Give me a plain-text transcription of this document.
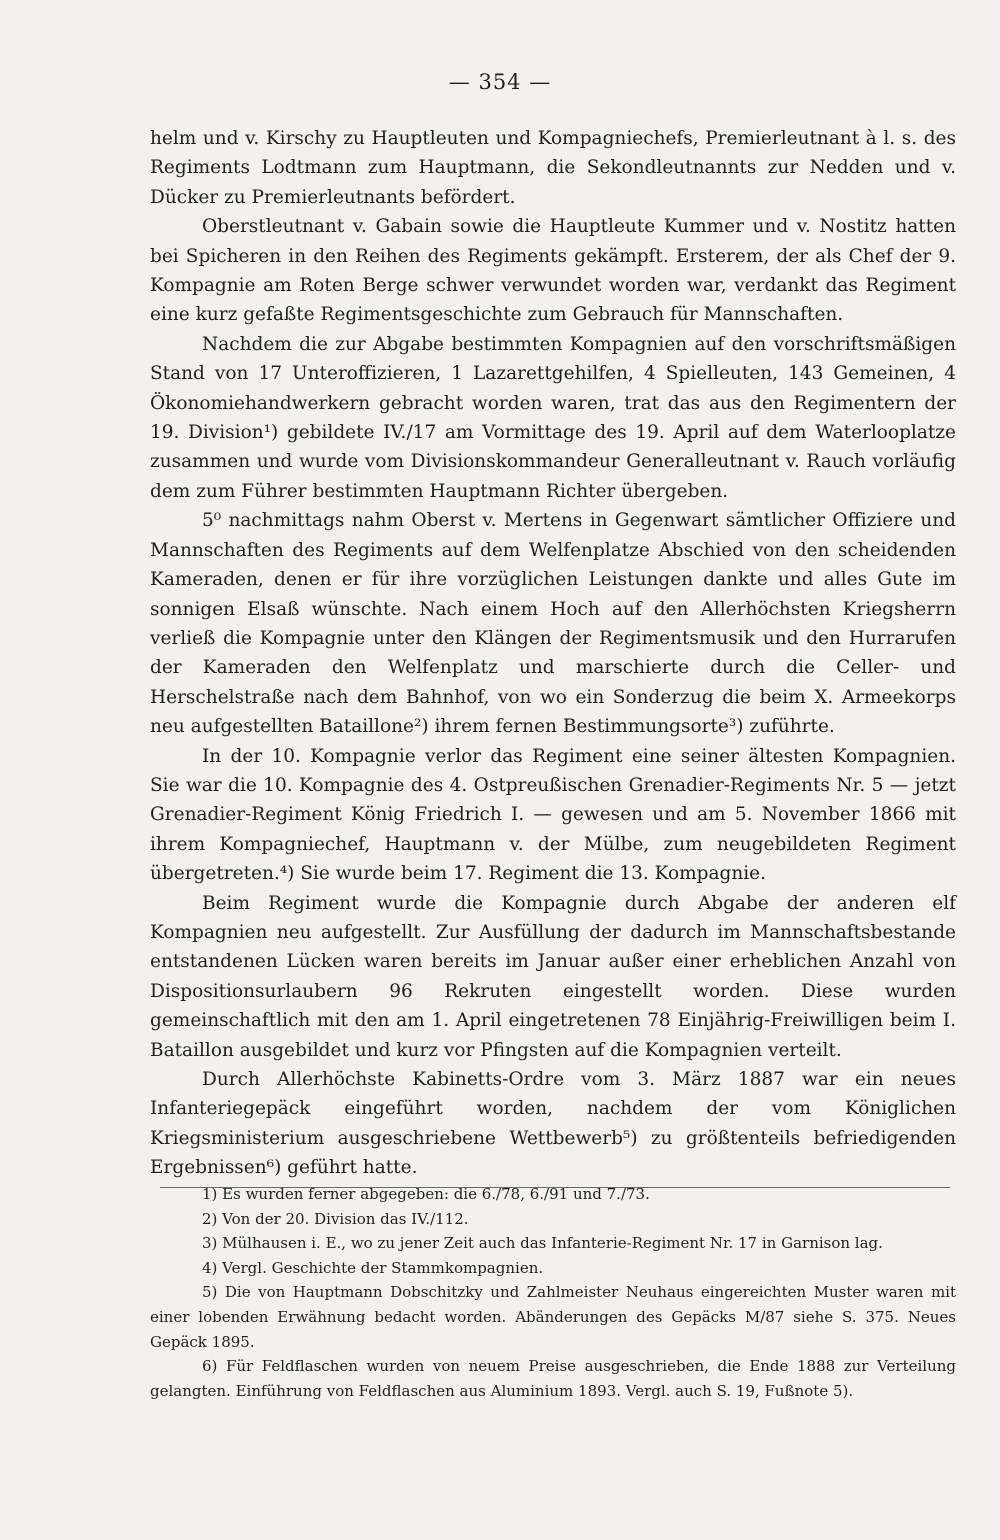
— 354 —

helm und v. Kirschy zu Hauptleuten und Kompagniechefs, Premierleutnant à l. s. des Regiments Lodtmann zum Hauptmann, die Sekondleutnannts zur Nedden und v. Dücker zu Premierleutnants befördert.

Oberstleutnant v. Gabain sowie die Hauptleute Kummer und v. Nostitz hatten bei Spicheren in den Reihen des Regiments gekämpft. Ersterem, der als Chef der 9. Kompagnie am Roten Berge schwer verwundet worden war, verdankt das Regiment eine kurz gefaßte Regimentsgeschichte zum Gebrauch für Mannschaften.

Nachdem die zur Abgabe bestimmten Kompagnien auf den vorschriftsmäßigen Stand von 17 Unteroffizieren, 1 Lazarettgehilfen, 4 Spielleuten, 143 Gemeinen, 4 Ökonomiehandwerkern gebracht worden waren, trat das aus den Regimentern der 19. Division¹) gebildete IV./17 am Vormittage des 19. April auf dem Waterlooplatze zusammen und wurde vom Divisionskommandeur Generalleutnant v. Rauch vorläufig dem zum Führer bestimmten Hauptmann Richter übergeben.

5⁰ nachmittags nahm Oberst v. Mertens in Gegenwart sämtlicher Offiziere und Mannschaften des Regiments auf dem Welfenplatze Abschied von den scheidenden Kameraden, denen er für ihre vorzüglichen Leistungen dankte und alles Gute im sonnigen Elsaß wünschte. Nach einem Hoch auf den Allerhöchsten Kriegsherrn verließ die Kompagnie unter den Klängen der Regimentsmusik und den Hurrarufen der Kameraden den Welfenplatz und marschierte durch die Celler- und Herschelstraße nach dem Bahnhof, von wo ein Sonderzug die beim X. Armeekorps neu aufgestellten Bataillone²) ihrem fernen Bestimmungsorte³) zuführte.

In der 10. Kompagnie verlor das Regiment eine seiner ältesten Kompagnien. Sie war die 10. Kompagnie des 4. Ostpreußischen Grenadier-Regiments Nr. 5 — jetzt Grenadier-Regiment König Friedrich I. — gewesen und am 5. November 1866 mit ihrem Kompagniechef, Hauptmann v. der Mülbe, zum neugebildeten Regiment übergetreten.⁴) Sie wurde beim 17. Regiment die 13. Kompagnie.

Beim Regiment wurde die Kompagnie durch Abgabe der anderen elf Kompagnien neu aufgestellt. Zur Ausfüllung der dadurch im Mannschaftsbestande entstandenen Lücken waren bereits im Januar außer einer erheblichen Anzahl von Dispositionsurlaubern 96 Rekruten eingestellt worden. Diese wurden gemeinschaftlich mit den am 1. April eingetretenen 78 Einjährig-Freiwilligen beim I. Bataillon ausgebildet und kurz vor Pfingsten auf die Kompagnien verteilt.

Durch Allerhöchste Kabinetts-Ordre vom 3. März 1887 war ein neues Infanteriegepäck eingeführt worden, nachdem der vom Königlichen Kriegsministerium ausgeschriebene Wettbewerb⁵) zu größtenteils befriedigenden Ergebnissen⁶) geführt hatte.

1) Es wurden ferner abgegeben: die 6./78, 6./91 und 7./73.
2) Von der 20. Division das IV./112.
3) Mülhausen i. E., wo zu jener Zeit auch das Infanterie-Regiment Nr. 17 in Garnison lag.
4) Vergl. Geschichte der Stammkompagnien.
5) Die von Hauptmann Dobschitzky und Zahlmeister Neuhaus eingereichten Muster waren mit einer lobenden Erwähnung bedacht worden. Abänderungen des Gepäcks M/87 siehe S. 375. Neues Gepäck 1895.
6) Für Feldflaschen wurden von neuem Preise ausgeschrieben, die Ende 1888 zur Verteilung gelangten. Einführung von Feldflaschen aus Aluminium 1893. Vergl. auch S. 19, Fußnote 5).
